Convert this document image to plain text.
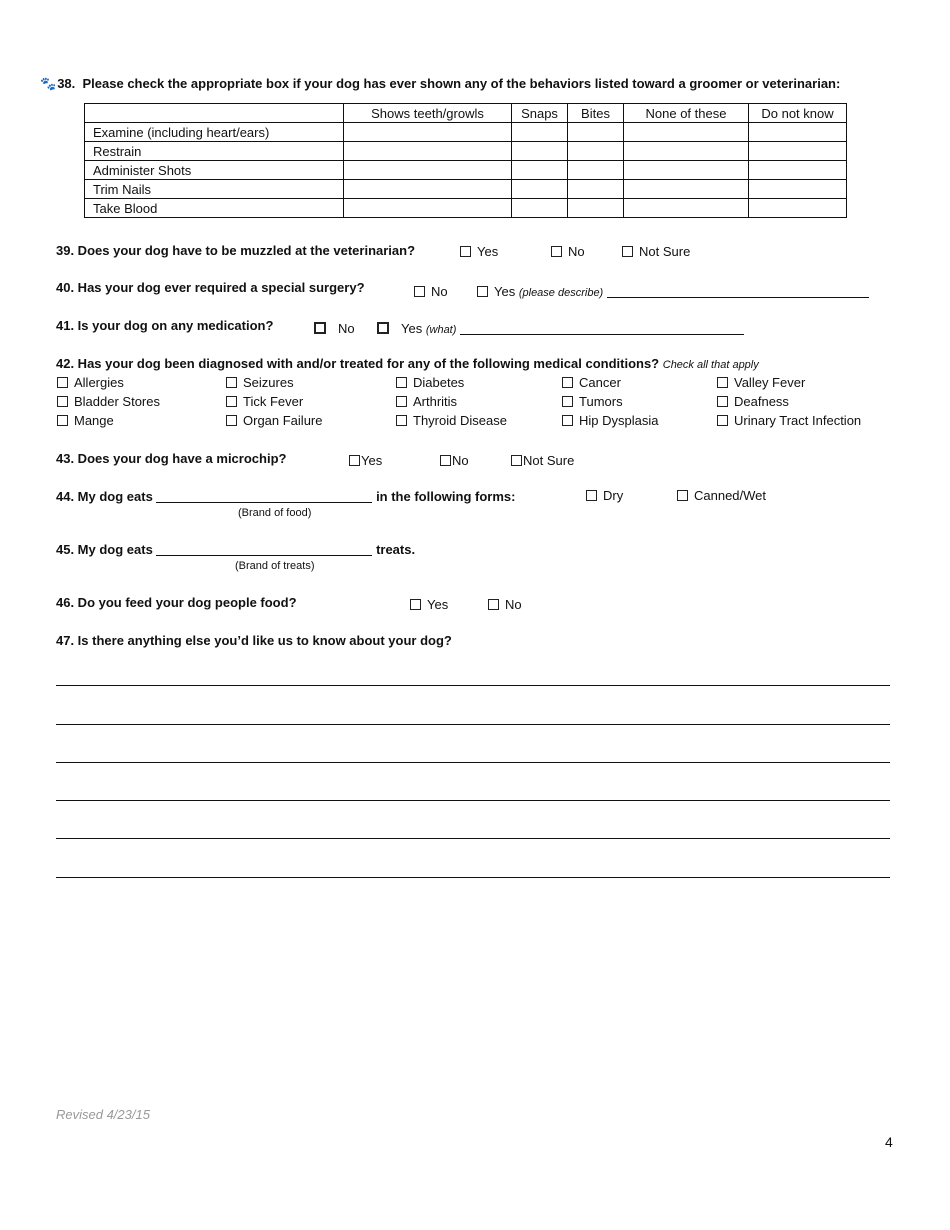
🐾38. Please check the appropriate box if your dog has ever shown any of the behaviors listed toward a groomer or veterinarian:
	Shows teeth/growls	Snaps	Bites	None of these	Do not know
Examine (including heart/ears)					
Restrain					
Administer Shots					
Trim Nails					
Take Blood					
39. Does your dog have to be muzzled at the veterinarian?	Yes	No	Not Sure
40. Has your dog ever required a special surgery?	No	Yes (please describe)
41. Is your dog on any medication?	No	Yes (what)
42. Has your dog been diagnosed with and/or treated for any of the following medical conditions? Check all that apply
Allergies	Seizures	Diabetes	Cancer	Valley Fever
Bladder Stores	Tick Fever	Arthritis	Tumors	Deafness
Mange	Organ Failure	Thyroid Disease	Hip Dysplasia	Urinary Tract Infection
43. Does your dog have a microchip?	Yes	No	Not Sure
44. My dog eats	in the following forms:
(Brand of food)
Dry	Canned/Wet
45. My dog eats	treats.
(Brand of treats)
46. Do you feed your dog people food?	Yes	No
47. Is there anything else you’d like us to know about your dog?
Revised 4/23/15
4
